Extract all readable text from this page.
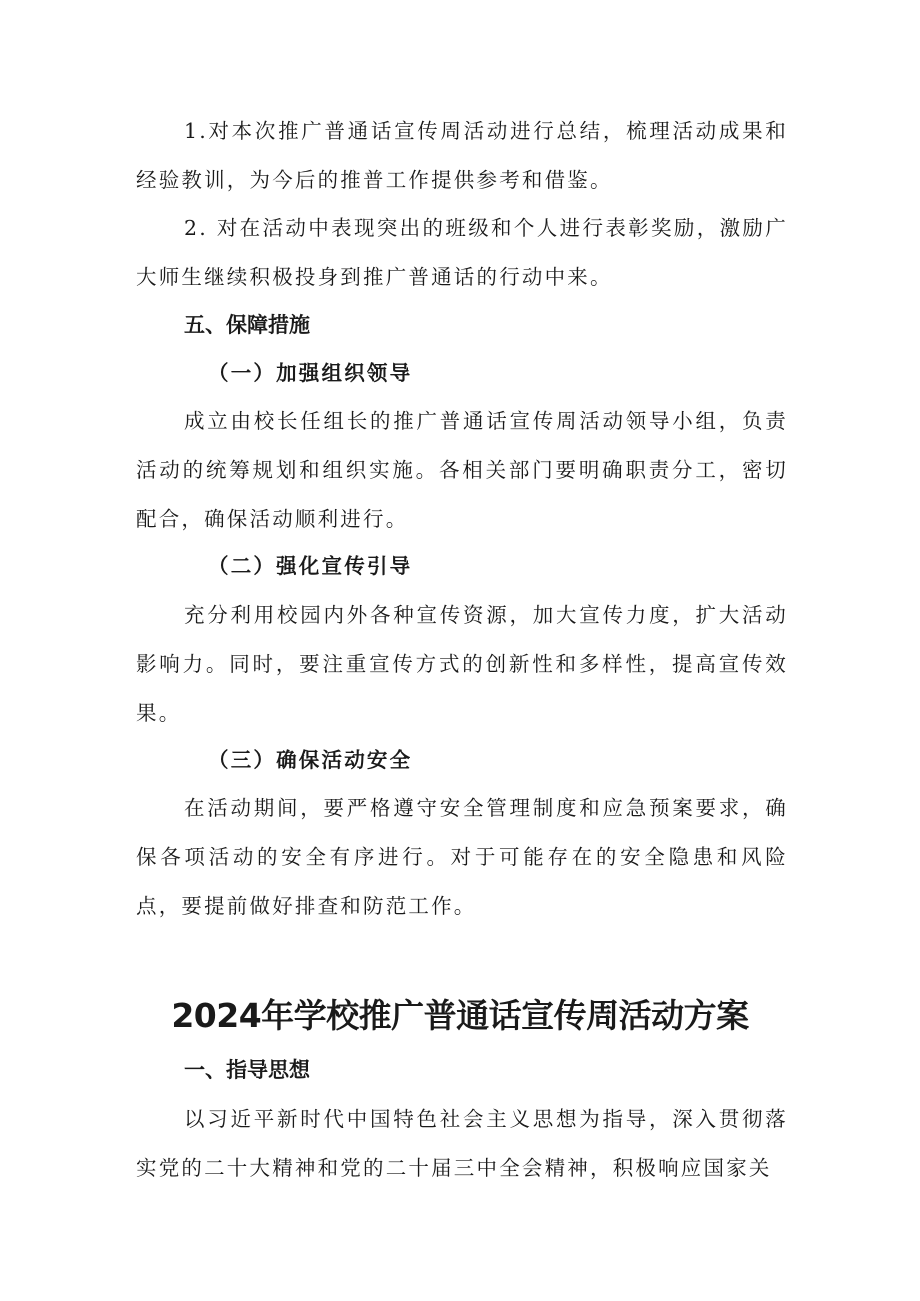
1.对本次推广普通话宣传周活动进行总结，梳理活动成果和经验教训，为今后的推普工作提供参考和借鉴。

2. 对在活动中表现突出的班级和个人进行表彰奖励，激励广大师生继续积极投身到推广普通话的行动中来。

五、保障措施
（一）加强组织领导

成立由校长任组长的推广普通话宣传周活动领导小组，负责活动的统筹规划和组织实施。各相关部门要明确职责分工，密切配合，确保活动顺利进行。

（二）强化宣传引导

充分利用校园内外各种宣传资源，加大宣传力度，扩大活动影响力。同时，要注重宣传方式的创新性和多样性，提高宣传效果。

（三）确保活动安全

在活动期间，要严格遵守安全管理制度和应急预案要求，确保各项活动的安全有序进行。对于可能存在的安全隐患和风险点，要提前做好排查和防范工作。

2024年学校推广普通话宣传周活动方案
一、指导思想

以习近平新时代中国特色社会主义思想为指导，深入贯彻落实党的二十大精神和党的二十届三中全会精神，积极响应国家关
